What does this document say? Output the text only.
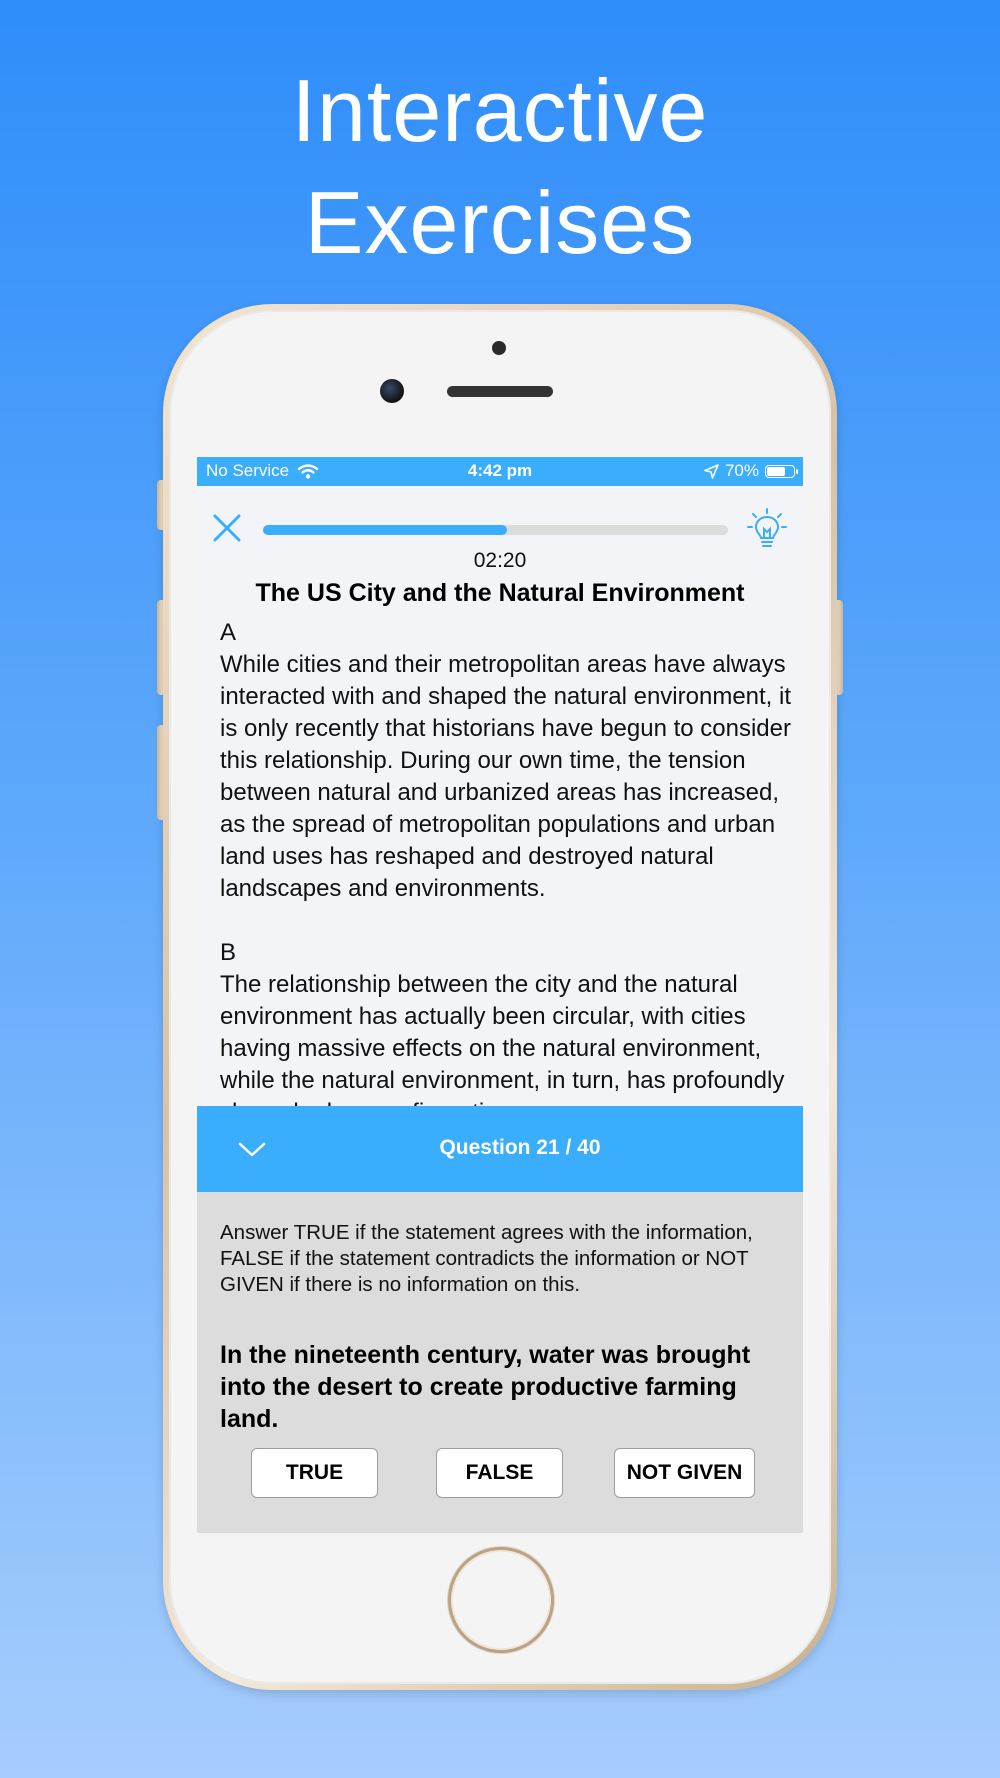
Interactive
Exercises
No Service	4:42 pm	70%
02:20
The US City and the Natural Environment

A

While cities and their metropolitan areas have always interacted with and shaped the natural environment, it is only recently that historians have begun to consider this relationship. During our own time, the tension between natural and urbanized areas has increased, as the spread of metropolitan populations and urban land uses has reshaped and destroyed natural landscapes and environments.

B

The relationship between the city and the natural environment has actually been circular, with cities having massive effects on the natural environment, while the natural environment, in turn, has profoundly

Question 21 / 40
Answer TRUE if the statement agrees with the information, FALSE if the statement contradicts the information or NOT GIVEN if there is no information on this.
In the nineteenth century, water was brought into the desert to create productive farming land.
TRUE	FALSE	NOT GIVEN
